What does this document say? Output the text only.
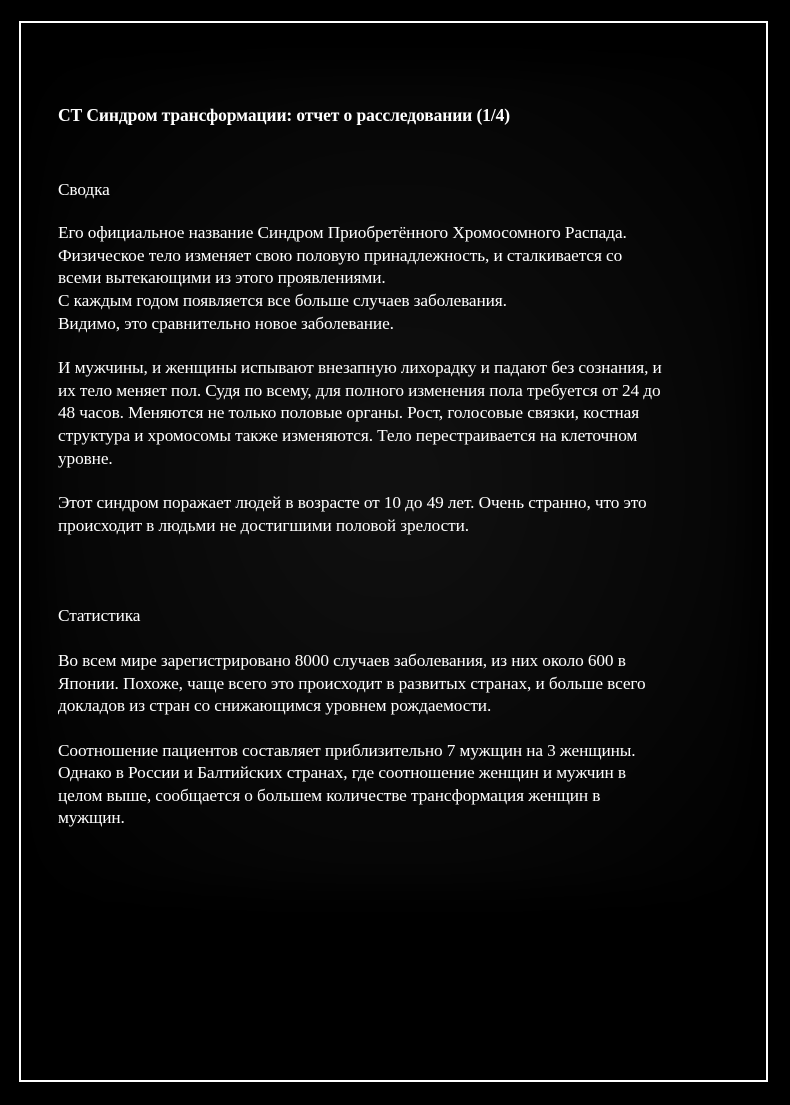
СТ Синдром трансформации: отчет о расследовании (1/4)

Сводка

Его официальное название Синдром Приобретённого Хромосомного Распада.
Физическое тело изменяет свою половую принадлежность, и сталкивается со
всеми вытекающими из этого проявлениями.
С каждым годом появляется все больше случаев заболевания.
Видимо, это сравнительно новое заболевание.

И мужчины, и женщины испывают внезапную лихорадку и падают без сознания, и
их тело меняет пол. Судя по всему, для полного изменения пола требуется от 24 до
48 часов. Меняются не только половые органы. Рост, голосовые связки, костная
структура и хромосомы также изменяются. Тело перестраивается на клеточном
уровне.

Этот синдром поражает людей в возрасте от 10 до 49 лет. Очень странно, что это
происходит в людьми не достигшими половой зрелости.

Статистика

Во всем мире зарегистрировано 8000 случаев заболевания, из них около 600 в
Японии. Похоже, чаще всего это происходит в развитых странах, и больше всего
докладов из стран со снижающимся уровнем рождаемости.

Соотношение пациентов составляет приблизительно 7 мужщин на 3 женщины.
Однако в России и Балтийских странах, где соотношение женщин и мужчин в
целом выше, сообщается о большем количестве трансформация женщин в
мужщин.
